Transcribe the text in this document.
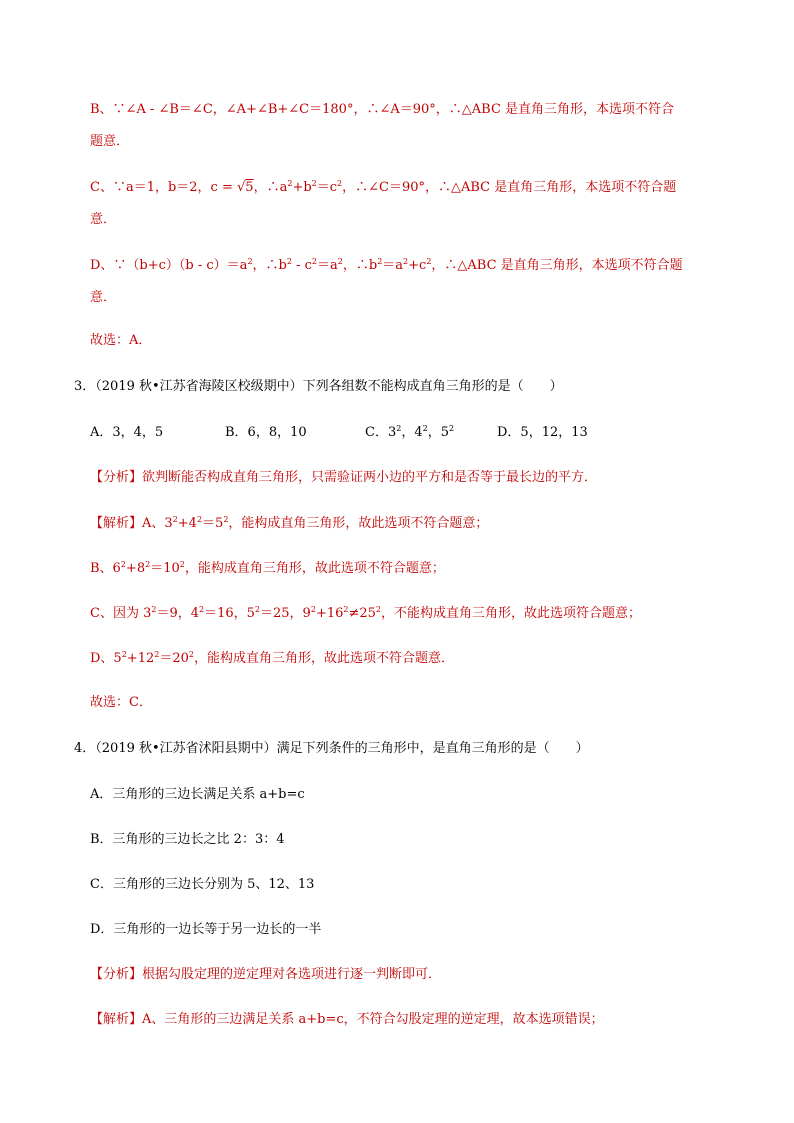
B、∵∠A - ∠B＝∠C，∠A+∠B+∠C＝180°，∴∠A＝90°，∴△ABC 是直角三角形，本选项不符合
题意．
C、∵a＝1，b＝2，c = √5，$\therefore a^2+b^2=c^2$，∴∠C＝90°，∴△ABC 是直角三角形，本选项不符合题
意．
D、∵（b+c）（b - $c)=a^2$，$\therefore b^2 - c^2=a^2$，$\therefore b^2=a^2+c^2$，∴△ABC 是直角三角形，本选项不符合题
意．
故选：A．
3．（2019 秋•江苏省海陵区校级期中）下列各组数不能构成直角三角形的是（　　）
A．3，4，5	B．6，8，10	C．$3^2$，$4^2$，$5^2$	D．5，12，13
【分析】欲判断能否构成直角三角形，只需验证两小边的平方和是否等于最长边的平方．
【解析】A、$3^2+4^2=5^2$，能构成直角三角形，故此选项不符合题意；
B、$6^2+8^2=10^2$，能构成直角三角形，故此选项不符合题意；
C、因为 $3^2=9$，$4^2=16$，$5^2=25$，$9^2+16^2\ne 25^2$，不能构成直角三角形，故此选项符合题意；
D、$5^2+12^2=20^2$，能构成直角三角形，故此选项不符合题意．
故选：C．
4．（2019 秋•江苏省沭阳县期中）满足下列条件的三角形中，是直角三角形的是（　　）
A．三角形的三边长满足关系 a+b=c
B．三角形的三边长之比 2：3：4
C．三角形的三边长分别为 5、12、13
D．三角形的一边长等于另一边长的一半
【分析】根据勾股定理的逆定理对各选项进行逐一判断即可．
【解析】A、三角形的三边满足关系 a+b=c，不符合勾股定理的逆定理，故本选项错误；
